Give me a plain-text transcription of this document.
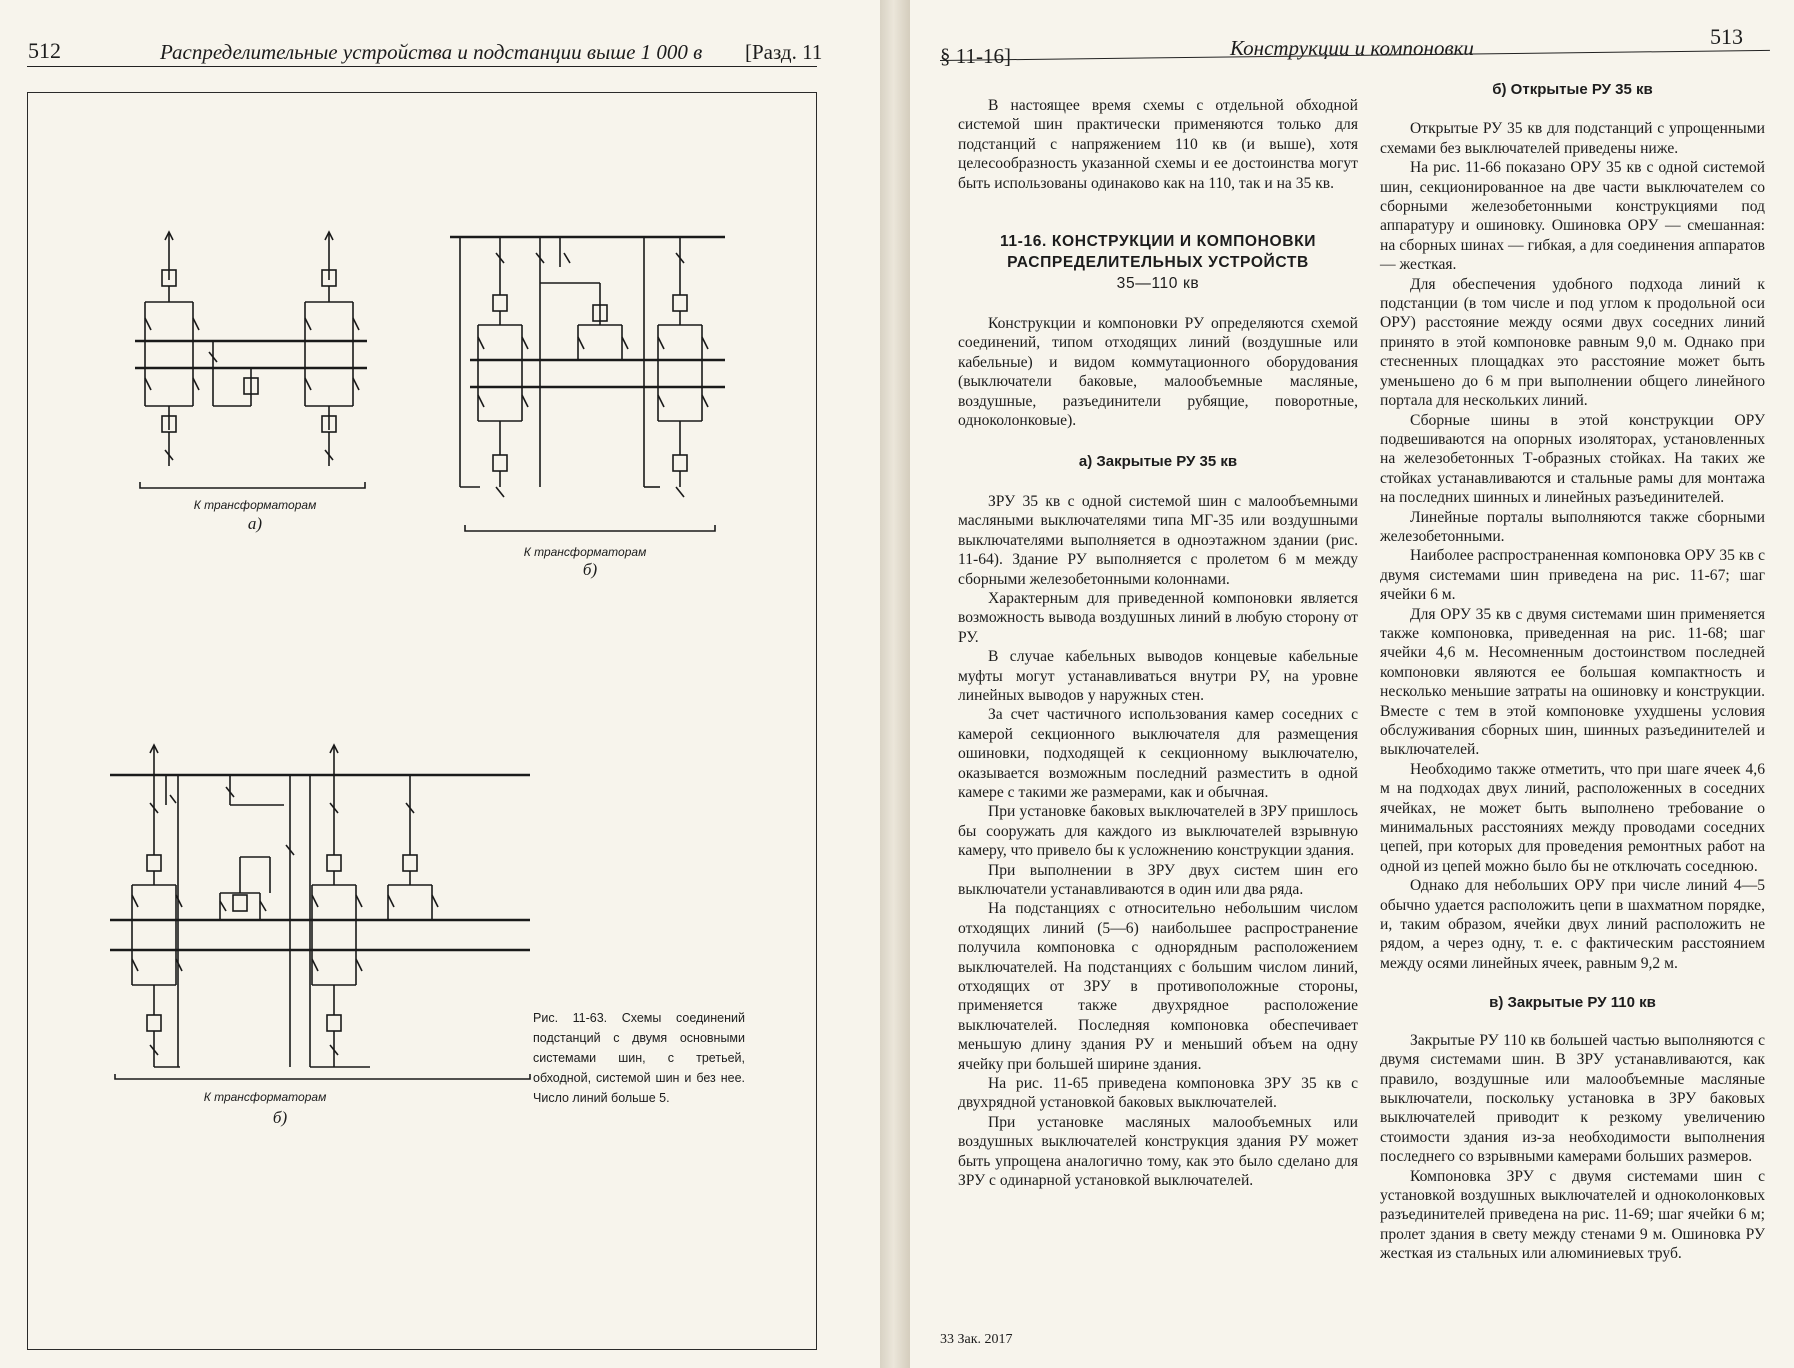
512	Распределительные устройства и подстанции выше 1 000 в [Разд. 11
К трансформаторам
а)
К трансформаторам
б)
К трансформаторам
б)
Рис. 11-63. Схемы соединений подстанций с двумя основными системами шин, с третьей, обходной, системой шин и без нее. Число линий больше 5.
§ 11-16]	Конструкции и компоновки	513

В настоящее время схемы с отдельной обходной системой шин практически применяются только для подстанций с напряжением 110 кв (и выше), хотя целесообразность указанной схемы и ее достоинства могут быть использованы одинаково как на 110, так и на 35 кв.

11-16. КОНСТРУКЦИИ И КОМПОНОВКИ
РАСПРЕДЕЛИТЕЛЬНЫХ УСТРОЙСТВ
35—110 кв

Конструкции и компоновки РУ определяются схемой соединений, типом отходящих линий (воздушные или кабельные) и видом коммутационного оборудования (выключатели баковые, малообъемные масляные, воздушные, разъединители рубящие, поворотные, одноколонковые).

а) Закрытые РУ 35 кв

ЗРУ 35 кв с одной системой шин с малообъемными масляными выключателями типа МГ-35 или воздушными выключателями выполняется в одноэтажном здании (рис. 11-64). Здание РУ выполняется с пролетом 6 м между сборными железобетонными колоннами.

Характерным для приведенной компоновки является возможность вывода воздушных линий в любую сторону от РУ.

В случае кабельных выводов концевые кабельные муфты могут устанавливаться внутри РУ, на уровне линейных выводов у наружных стен.

За счет частичного использования камер соседних с камерой секционного выключателя для размещения ошиновки, подходящей к секционному выключателю, оказывается возможным последний разместить в одной камере с такими же размерами, как и обычная.

При установке баковых выключателей в ЗРУ пришлось бы сооружать для каждого из выключателей взрывную камеру, что привело бы к усложнению конструкции здания.

При выполнении в ЗРУ двух систем шин его выключатели устанавливаются в один или два ряда.

На подстанциях с относительно небольшим числом отходящих линий (5—6) наибольшее распространение получила компоновка с однорядным расположением выключателей. На подстанциях с большим числом линий, отходящих от ЗРУ в противоположные стороны, применяется также двухрядное расположение выключателей. Последняя компоновка обеспечивает меньшую длину здания РУ и меньший объем на одну ячейку при большей ширине здания.

На рис. 11-65 приведена компоновка ЗРУ 35 кв с двухрядной установкой баковых выключателей.

При установке масляных малообъемных или воздушных выключателей конструкция здания РУ может быть упрощена аналогично тому, как это было сделано для ЗРУ с одинарной установкой выключателей.

33 Зак. 2017
б) Открытые РУ 35 кв

Открытые РУ 35 кв для подстанций с упрощенными схемами без выключателей приведены ниже.

На рис. 11-66 показано ОРУ 35 кв с одной системой шин, секционированное на две части выключателем со сборными железобетонными конструкциями под аппаратуру и ошиновку. Ошиновка ОРУ — смешанная: на сборных шинах — гибкая, а для соединения аппаратов — жесткая.

Для обеспечения удобного подхода линий к подстанции (в том числе и под углом к продольной оси ОРУ) расстояние между осями двух соседних линий принято в этой компоновке равным 9,0 м. Однако при стесненных площадках это расстояние может быть уменьшено до 6 м при выполнении общего линейного портала для нескольких линий.

Сборные шины в этой конструкции ОРУ подвешиваются на опорных изоляторах, установленных на железобетонных Т-образных стойках. На таких же стойках устанавливаются и стальные рамы для монтажа на последних шинных и линейных разъединителей.

Линейные порталы выполняются также сборными железобетонными.

Наиболее распространенная компоновка ОРУ 35 кв с двумя системами шин приведена на рис. 11-67; шаг ячейки 6 м.

Для ОРУ 35 кв с двумя системами шин применяется также компоновка, приведенная на рис. 11-68; шаг ячейки 4,6 м. Несомненным достоинством последней компоновки являются ее большая компактность и несколько меньшие затраты на ошиновку и конструкции. Вместе с тем в этой компоновке ухудшены условия обслуживания сборных шин, шинных разъединителей и выключателей.

Необходимо также отметить, что при шаге ячеек 4,6 м на подходах двух линий, расположенных в соседних ячейках, не может быть выполнено требование о минимальных расстояниях между проводами соседних цепей, при которых для проведения ремонтных работ на одной из цепей можно было бы не отключать соседнюю.

Однако для небольших ОРУ при числе линий 4—5 обычно удается расположить цепи в шахматном порядке, и, таким образом, ячейки двух линий расположить не рядом, а через одну, т. е. с фактическим расстоянием между осями линейных ячеек, равным 9,2 м.

в) Закрытые РУ 110 кв

Закрытые РУ 110 кв большей частью выполняются с двумя системами шин. В ЗРУ устанавливаются, как правило, воздушные или малообъемные масляные выключатели, поскольку установка в ЗРУ баковых выключателей приводит к резкому увеличению стоимости здания из-за необходимости выполнения последнего со взрывными камерами больших размеров.

Компоновка ЗРУ с двумя системами шин с установкой воздушных выключателей и одноколонковых разъединителей приведена на рис. 11-69; шаг ячейки 6 м; пролет здания в свету между стенами 9 м. Ошиновка РУ жесткая из стальных или алюминиевых труб.
